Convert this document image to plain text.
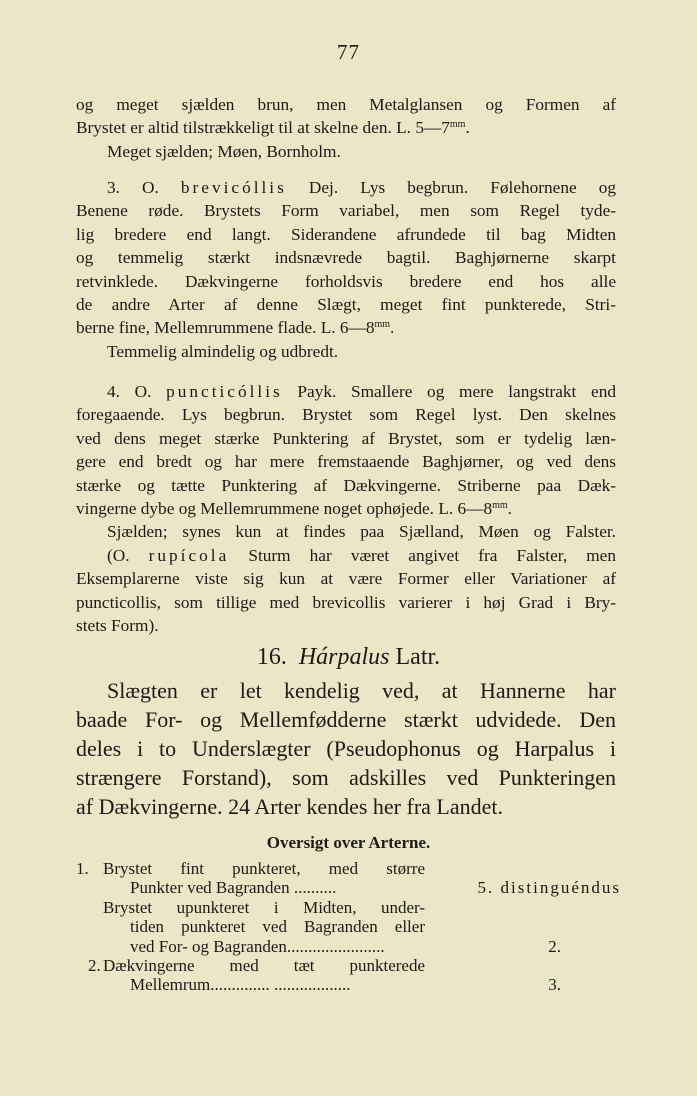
77

og meget sjælden brun, men Metalglansen og Formen af

Brystet er altid tilstrækkeligt til at skelne den. L. $5—7^{mm}$.

Meget sjælden; Møen, Bornholm.

3. O. brevicóllis Dej. Lys begbrun. Følehornene og

Benene røde. Brystets Form variabel, men som Regel tyde-

lig bredere end langt. Siderandene afrundede til bag Midten

og temmelig stærkt indsnævrede bagtil. Baghjørnerne skarpt

retvinklede. Dækvingerne forholdsvis bredere end hos alle

de andre Arter af denne Slægt, meget fint punkterede, Stri-

berne fine, Mellemrummene flade. L. $6—8^{mm}$.

Temmelig almindelig og udbredt.

4. O. puncticóllis Payk. Smallere og mere langstrakt end

foregaaende. Lys begbrun. Brystet som Regel lyst. Den skelnes

ved dens meget stærke Punktering af Brystet, som er tydelig læn-

gere end bredt og har mere fremstaaende Baghjørner, og ved dens

stærke og tætte Punktering af Dækvingerne. Striberne paa Dæk-

vingerne dybe og Mellemrummene noget ophøjede. L. $6—8^{mm}$.

Sjælden; synes kun at findes paa Sjælland, Møen og Falster.

(O. rupícola Sturm har været angivet fra Falster, men

Eksemplarerne viste sig kun at være Former eller Variationer af

puncticollis, som tillige med brevicollis varierer i høj Grad i Bry-

stets Form).

16. Hárpalus Latr.

Slægten er let kendelig ved, at Hannerne har

baade For- og Mellemfødderne stærkt udvidede. Den

deles i to Underslægter (Pseudophonus og Harpalus i

strængere Forstand), som adskilles ved Punkteringen

af Dækvingerne. 24 Arter kendes her fra Landet.

Oversigt over Arterne.
1. Brystet fint punkteret, med større
Punkter ved Bagranden ..........	5. distinguéndus
Brystet upunkteret i Midten, under-
tiden punkteret ved Bagranden eller
ved For- og Bagranden.......................	2.
2. Dækvingerne med tæt punkterede
Mellemrum.............. ..................	3.
